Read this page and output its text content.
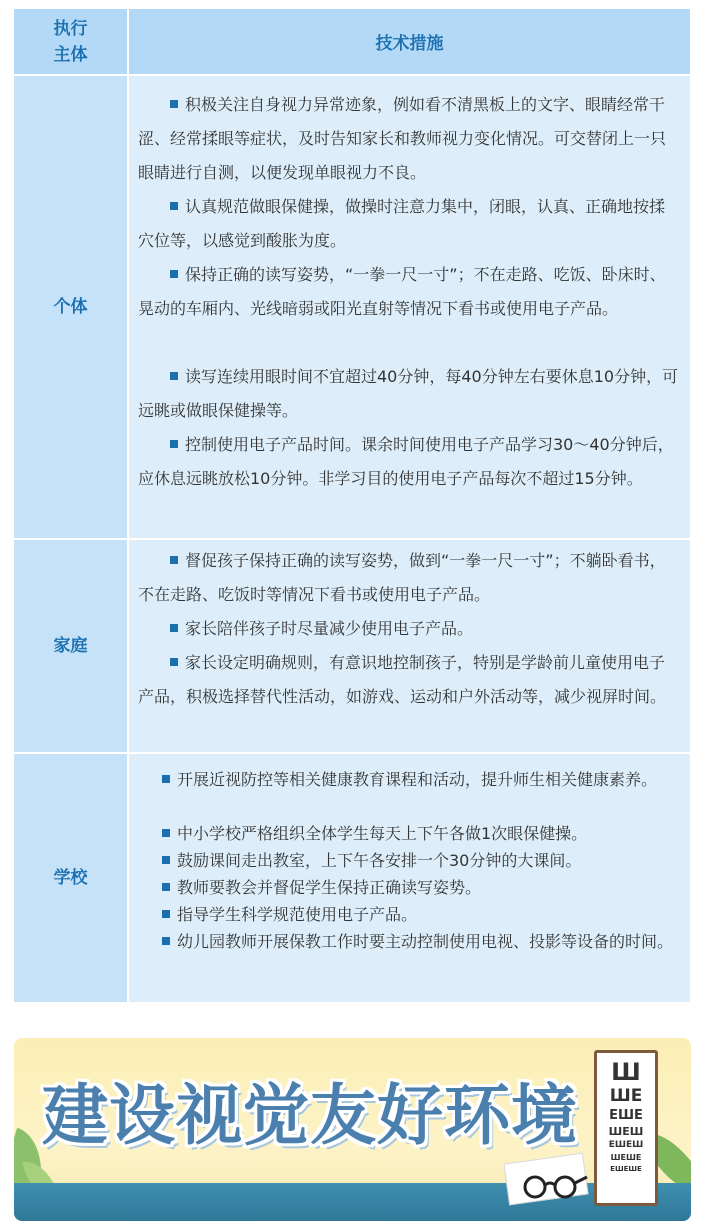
执行
主体
技术措施
个体
积极关注自身视力异常迹象，例如看不清黑板上的文字、眼睛经常干涩、经常揉眼等症状，及时告知家长和教师视力变化情况。可交替闭上一只眼睛进行自测，以便发现单眼视力不良。
认真规范做眼保健操，做操时注意力集中，闭眼，认真、正确地按揉穴位等，以感觉到酸胀为度。
保持正确的读写姿势，“一拳一尺一寸”；不在走路、吃饭、卧床时、晃动的车厢内、光线暗弱或阳光直射等情况下看书或使用电子产品。
读写连续用眼时间不宜超过40分钟，每40分钟左右要休息10分钟，可远眺或做眼保健操等。
控制使用电子产品时间。课余时间使用电子产品学习30～40分钟后，应休息远眺放松10分钟。非学习目的使用电子产品每次不超过15分钟。
家庭
督促孩子保持正确的读写姿势，做到“一拳一尺一寸”；不躺卧看书，不在走路、吃饭时等情况下看书或使用电子产品。
家长陪伴孩子时尽量减少使用电子产品。
家长设定明确规则，有意识地控制孩子，特别是学龄前儿童使用电子产品，积极选择替代性活动，如游戏、运动和户外活动等，减少视屏时间。
学校
开展近视防控等相关健康教育课程和活动，提升师生相关健康素养。
中小学校严格组织全体学生每天上下午各做1次眼保健操。
鼓励课间走出教室，上下午各安排一个30分钟的大课间。
教师要教会并督促学生保持正确读写姿势。
指导学生科学规范使用电子产品。
幼儿园教师开展保教工作时要主动控制使用电视、投影等设备的时间。
建设视觉友好环境
Ш
ШЕ
ЕШЕ
ШЕШ
ЕШЕШ
ШЕШЕ
ЕШЕШЕ
